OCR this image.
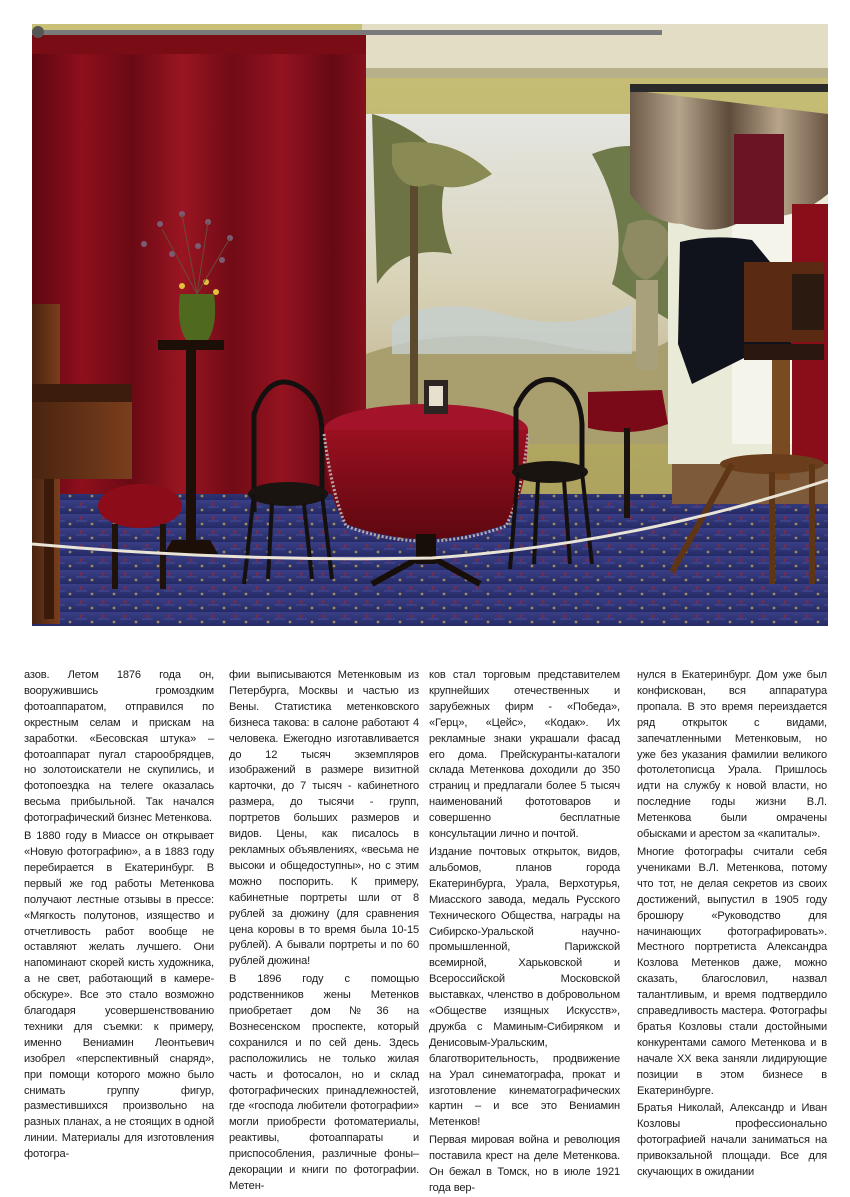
азов. Летом 1876 года он, вооружившись громоздким фотоаппаратом, отправился по окрестным селам и прискам на заработки. «Бесовская штука» – фотоаппарат пугал старообрядцев, но золотоискатели не скупились, и фотопоездка на телеге оказалась весьма прибыльной. Так начался фотографический бизнес Метенкова.

В 1880 году в Миассе он открывает «Новую фотографию», а в 1883 году перебирается в Екатеринбург. В первый же год работы Метенкова получают лестные отзывы в прессе: «Мягкость полутонов, изящество и отчетливость работ вообще не оставляют желать лучшего. Они напоминают скорей кисть художника, а не свет, работающий в камере-обскуре». Все это стало возможно благодаря усовершенствованию техники для съемки: к примеру, именно Вениамин Леонтьевич изобрел «перспективный снаряд», при помощи которого можно было снимать группу фигур, разместившихся произвольно на разных планах, а не стоящих в одной линии. Материалы для изготовления фотогра-

фии выписываются Метенковым из Петербурга, Москвы и частью из Вены. Статистика метенковского бизнеса такова: в салоне работают 4 человека. Ежегодно изготавливается до 12 тысяч экземпляров изображений в размере визитной карточки, до 7 тысяч - кабинетного размера, до тысячи - групп, портретов больших размеров и видов. Цены, как писалось в рекламных объявлениях, «весьма не высоки и общедоступны», но с этим можно поспорить. К примеру, кабинетные портреты шли от 8 рублей за дюжину (для сравнения цена коровы в то время была 10-15 рублей). А бывали портреты и по 60 рублей дюжина!

В 1896 году с помощью родственников жены Метенков приобретает дом №36 на Вознесенском проспекте, который сохранился и по сей день. Здесь расположились не только жилая часть и фотосалон, но и склад фотографических принадлежностей, где «господа любители фотографии» могли приобрести фотоматериалы, реактивы, фотоаппараты и приспособления, различные фоны–декорации и книги по фотографии. Метен-

ков стал торговым представителем крупнейших отечественных и зарубежных фирм - «Победа», «Герц», «Цейс», «Кодак». Их рекламные знаки украшали фасад его дома. Прейскуранты-каталоги склада Метенкова доходили до 350 страниц и предлагали более 5 тысяч наименований фототоваров и совершенно бесплатные консультации лично и почтой.

Издание почтовых открыток, видов, альбомов, планов города Екатеринбурга, Урала, Верхотурья, Миасского завода, медаль Русского Технического Общества, награды на Сибирско-Уральской научно-промышленной, Парижской всемирной, Харьковской и Всероссийской Московской выставках, членство в добровольном «Обществе изящных Искусств», дружба с Маминым-Сибиряком и Денисовым-Уральским, благотворительность, продвижение на Урал синематографа, прокат и изготовление кинематографических картин – и все это Вениамин Метенков!

Первая мировая война и революция поставила крест на деле Метенкова. Он бежал в Томск, но в июле 1921 года вер-

нулся в Екатеринбург. Дом уже был конфискован, вся аппаратура пропала. В это время переиздается ряд открыток с видами, запечатленными Метенковым, но уже без указания фамилии великого фотолетописца Урала. Пришлось идти на службу к новой власти, но последние годы жизни В.Л. Метенкова были омрачены обысками и арестом за «капиталы».

Многие фотографы считали себя учениками В.Л. Метенкова, потому что тот, не делая секретов из своих достижений, выпустил в 1905 году брошюру «Руководство для начинающих фотографировать». Местного портретиста Александра Козлова Метенков даже, можно сказать, благословил, назвал талантливым, и время подтвердило справедливость мастера. Фотографы братья Козловы стали достойными конкурентами самого Метенкова и в начале XX века заняли лидирующие позиции в этом бизнесе в Екатеринбурге.

Братья Николай, Александр и Иван Козловы профессионально фотографией начали заниматься на привокзальной площади. Все для скучающих в ожидании
